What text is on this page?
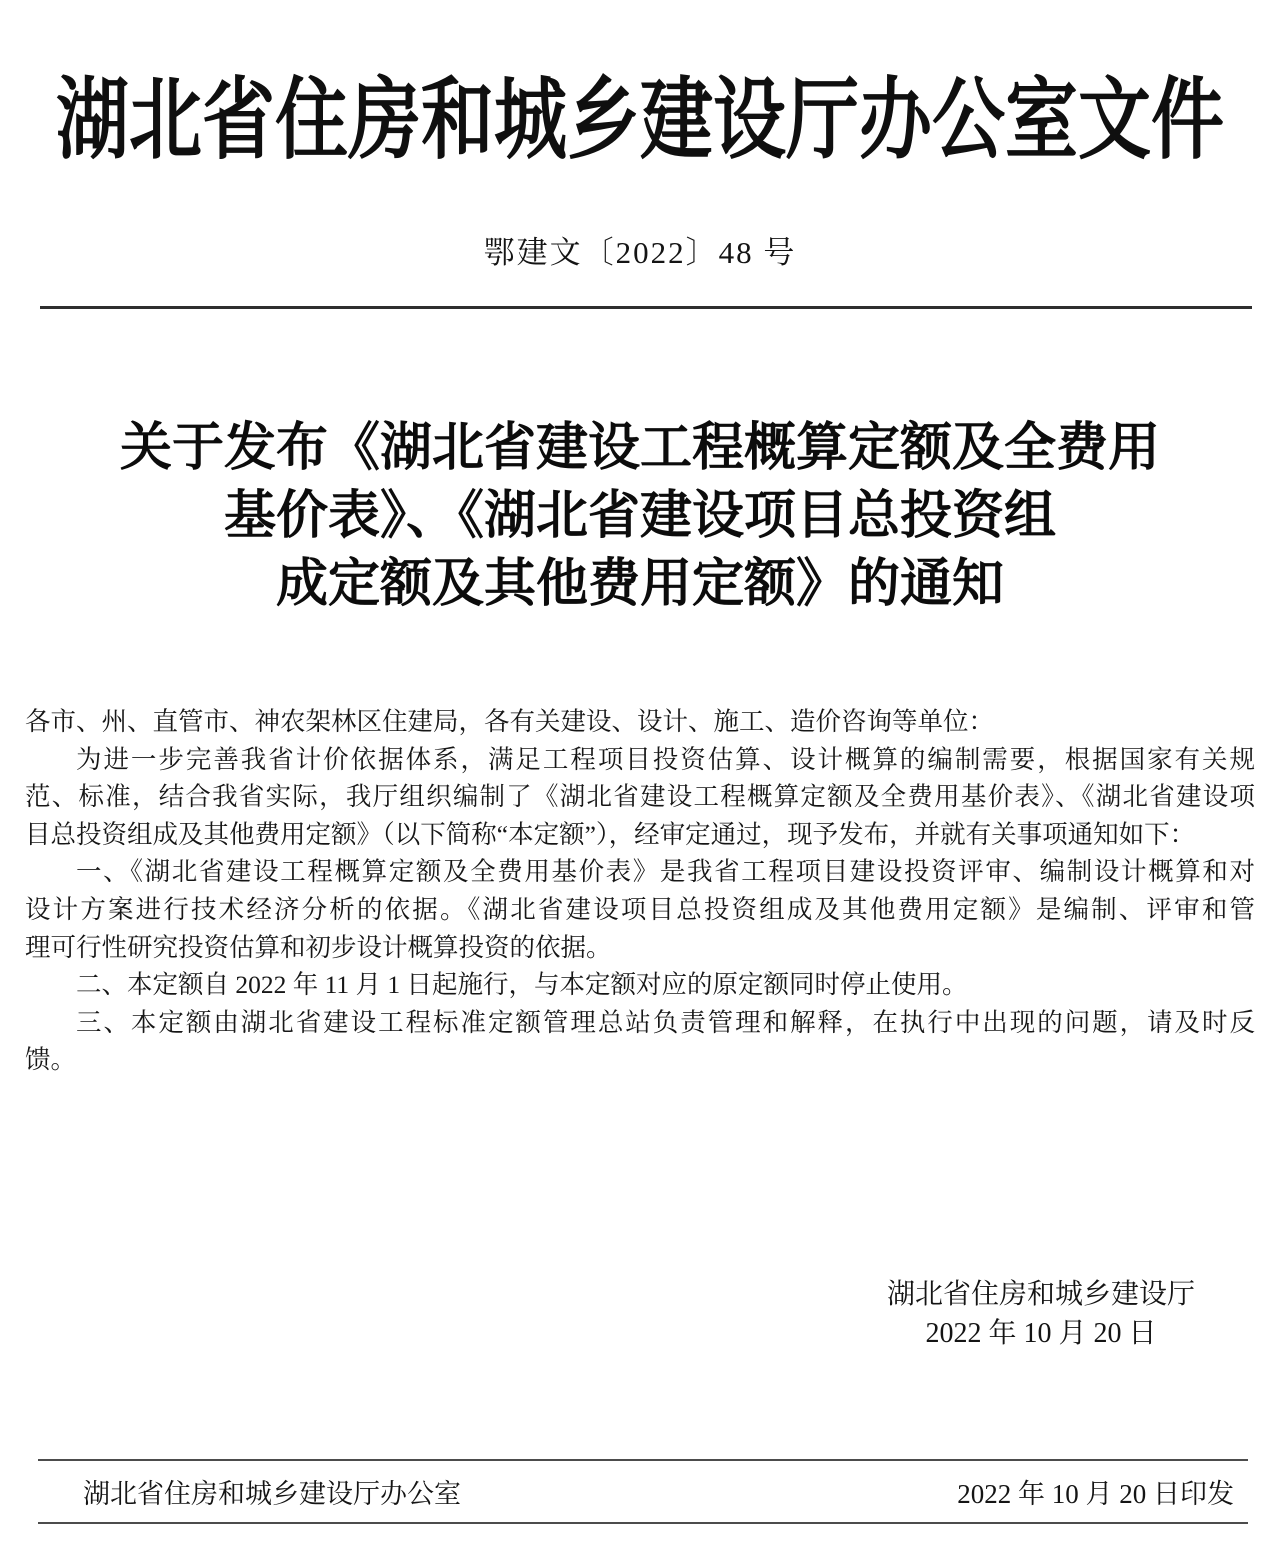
湖北省住房和城乡建设厅办公室文件
鄂建文〔2022〕48 号
关于发布《湖北省建设工程概算定额及全费用
基价表》、《湖北省建设项目总投资组
成定额及其他费用定额》的通知
各市、州、直管市、神农架林区住建局，各有关建设、设计、施工、造价咨询等单位：
为进一步完善我省计价依据体系，满足工程项目投资估算、设计概算的编制需要，根据国家有关规
范、标准，结合我省实际，我厅组织编制了《湖北省建设工程概算定额及全费用基价表》、《湖北省建设项
目总投资组成及其他费用定额》（以下简称“本定额”），经审定通过，现予发布，并就有关事项通知如下：
一、《湖北省建设工程概算定额及全费用基价表》是我省工程项目建设投资评审、编制设计概算和对
设计方案进行技术经济分析的依据。《湖北省建设项目总投资组成及其他费用定额》是编制、评审和管
理可行性研究投资估算和初步设计概算投资的依据。
二、本定额自 2022 年 11 月 1 日起施行，与本定额对应的原定额同时停止使用。
三、本定额由湖北省建设工程标准定额管理总站负责管理和解释，在执行中出现的问题，请及时反
馈。
湖北省住房和城乡建设厅
2022 年 10 月 20 日
湖北省住房和城乡建设厅办公室	2022 年 10 月 20 日印发
